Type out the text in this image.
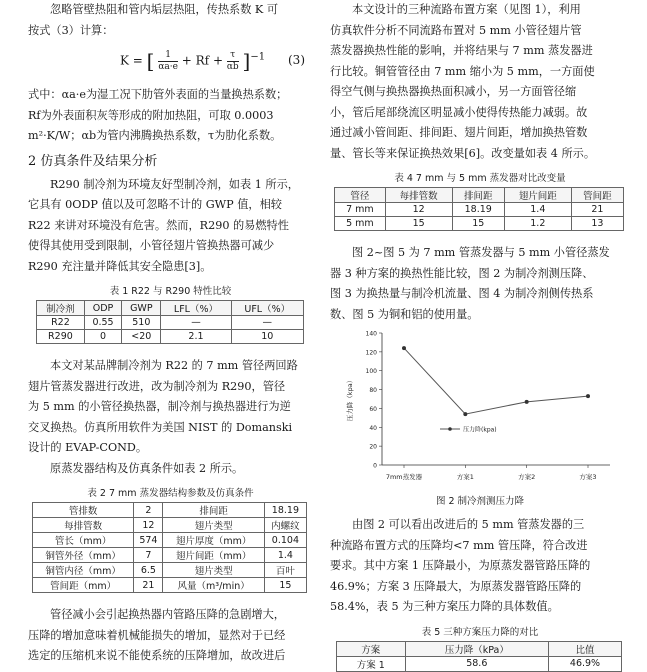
忽略管壁热阻和管内垢层热阻，传热系数 K 可
按式（3）计算：

K = [ $\frac{1}{\alpha a\cdot e} + Rf + \frac{\tau}{\alpha b} ]^{-1}$ (3)

式中：αa·e为湿工况下肋管外表面的当量换热系数；
Rf为外表面积灰等形成的附加热阻，可取 0.0003
m²·K/W；αb为管内沸腾换热系数，τ为肋化系数。

2 仿真条件及结果分析

R290 制冷剂为环境友好型制冷剂，如表 1 所示，
它具有 0ODP 值以及可忽略不计的 GWP 值，相较
R22 来讲对环境没有危害。然而，R290 的易燃特性
使得其使用受到限制，小管径翅片管换热器可减少
R290 充注量并降低其安全隐患[3]。

表 1 R22 与 R290 特性比较
制冷剂	ODP	GWP	LFL（%）	UFL（%）
R22	0.55	510	—	—
R290	0	<20	2.1	10

本文对某品牌制冷剂为 R22 的 7 mm 管径两回路
翅片管蒸发器进行改进，改为制冷剂为 R290，管径
为 5 mm 的小管径换热器，制冷剂与换热器进行为逆
交叉换热。仿真所用软件为美国 NIST 的 Domanski
设计的 EVAP-COND。
原蒸发器结构及仿真条件如表 2 所示。

表 2 7 mm 蒸发器结构参数及仿真条件
管排数	2	排间距	18.19
每排管数	12	翅片类型	内螺纹
管长（mm）	574	翅片厚度（mm）	0.104
铜管外径（mm）	7	翅片间距（mm）	1.4
铜管内径（mm）	6.5	翅片类型	百叶
管间距（mm）	21	风量（m³/min）	15

管径减小会引起换热器内管路压降的急剧增大，
压降的增加意味着机械能损失的增加，显然对于已经
选定的压缩机来说不能使系统的压降增加，故改进后

本文设计的三种流路布置方案（见图 1），利用
仿真软件分析不同流路布置对 5 mm 小管径翅片管
蒸发器换热性能的影响，并将结果与 7 mm 蒸发器进
行比较。铜管管径由 7 mm 缩小为 5 mm，一方面使
得空气侧与换热器换热面积减小，另一方面管径缩
小，管后尾部绕流区明显减小使得传热能力减弱。故
通过减小管间距、排间距、翅片间距，增加换热管数
量、管长等来保证换热效果[6]。改变量如表 4 所示。

表 4 7 mm 与 5 mm 蒸发器对比改变量
管径	每排管数	排间距	翅片间距	管间距
7 mm	12	18.19	1.4	21
5 mm	15	15	1.2	13

图 2~图 5 为 7 mm 管蒸发器与 5 mm 小管径蒸发
器 3 种方案的换热性能比较，图 2 为制冷剂测压降、
图 3 为换热量与制冷机流量、图 4 为制冷剂侧传热系
数、图 5 为铜和铝的使用量。

0
20
40
60
80
100
120
140
压力降（kpa）
7mm蒸发器	方案1	方案2	方案3
压力降(kpa)
图 2 制冷剂测压力降

由图 2 可以看出改进后的 5 mm 管蒸发器的三
种流路布置方式的压降均<7 mm 管压降，符合改进
要求。其中方案 1 压降最小，为原蒸发器管路压降的
46.9%；方案 3 压降最大，为原蒸发器管路压降的
58.4%，表 5 为三种方案压力降的具体数值。

表 5 三种方案压力降的对比
方案	压力降（kPa）	比值
方案 1	58.6	46.9%
